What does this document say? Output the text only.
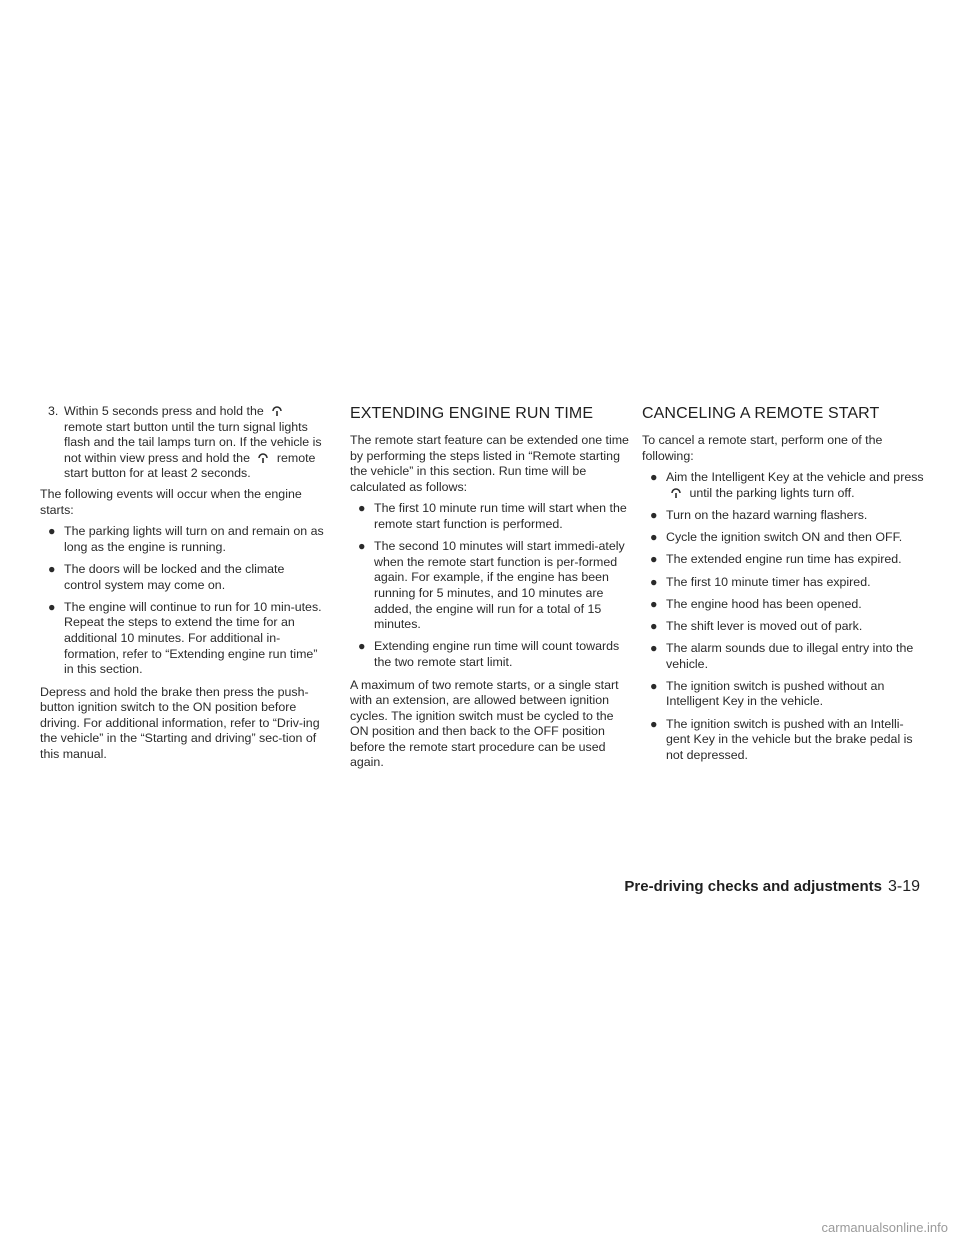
3. Within 5 seconds press and hold the  remote start button until the turn signal lights flash and the tail lamps turn on. If the vehicle is not within view press and hold the remote start button for at least 2 seconds.

The following events will occur when the engine starts:

● The parking lights will turn on and remain on as long as the engine is running.
● The doors will be locked and the climate control system may come on.
● The engine will continue to run for 10 min-utes. Repeat the steps to extend the time for an additional 10 minutes. For additional in-formation, refer to “Extending engine run time” in this section.

Depress and hold the brake then press the push-button ignition switch to the ON position before driving. For additional information, refer to “Driv-ing the vehicle” in the “Starting and driving” sec-tion of this manual.

EXTENDING ENGINE RUN TIME

The remote start feature can be extended one time by performing the steps listed in “Remote starting the vehicle” in this section. Run time will be calculated as follows:

● The first 10 minute run time will start when the remote start function is performed.
● The second 10 minutes will start immedi-ately when the remote start function is per-formed again. For example, if the engine has been running for 5 minutes, and 10 minutes are added, the engine will run for a total of 15 minutes.
● Extending engine run time will count towards the two remote start limit.

A maximum of two remote starts, or a single start with an extension, are allowed between ignition cycles. The ignition switch must be cycled to the ON position and then back to the OFF position before the remote start procedure can be used again.

CANCELING A REMOTE START

To cancel a remote start, perform one of the following:

● Aim the Intelligent Key at the vehicle and press  until the parking lights turn off.
● Turn on the hazard warning flashers.
● Cycle the ignition switch ON and then OFF.
● The extended engine run time has expired.
● The first 10 minute timer has expired.
● The engine hood has been opened.
● The shift lever is moved out of park.
● The alarm sounds due to illegal entry into the vehicle.
● The ignition switch is pushed without an Intelligent Key in the vehicle.
● The ignition switch is pushed with an Intelli-gent Key in the vehicle but the brake pedal is not depressed.
Pre-driving checks and adjustments 3-19
carmanualsonline.info
